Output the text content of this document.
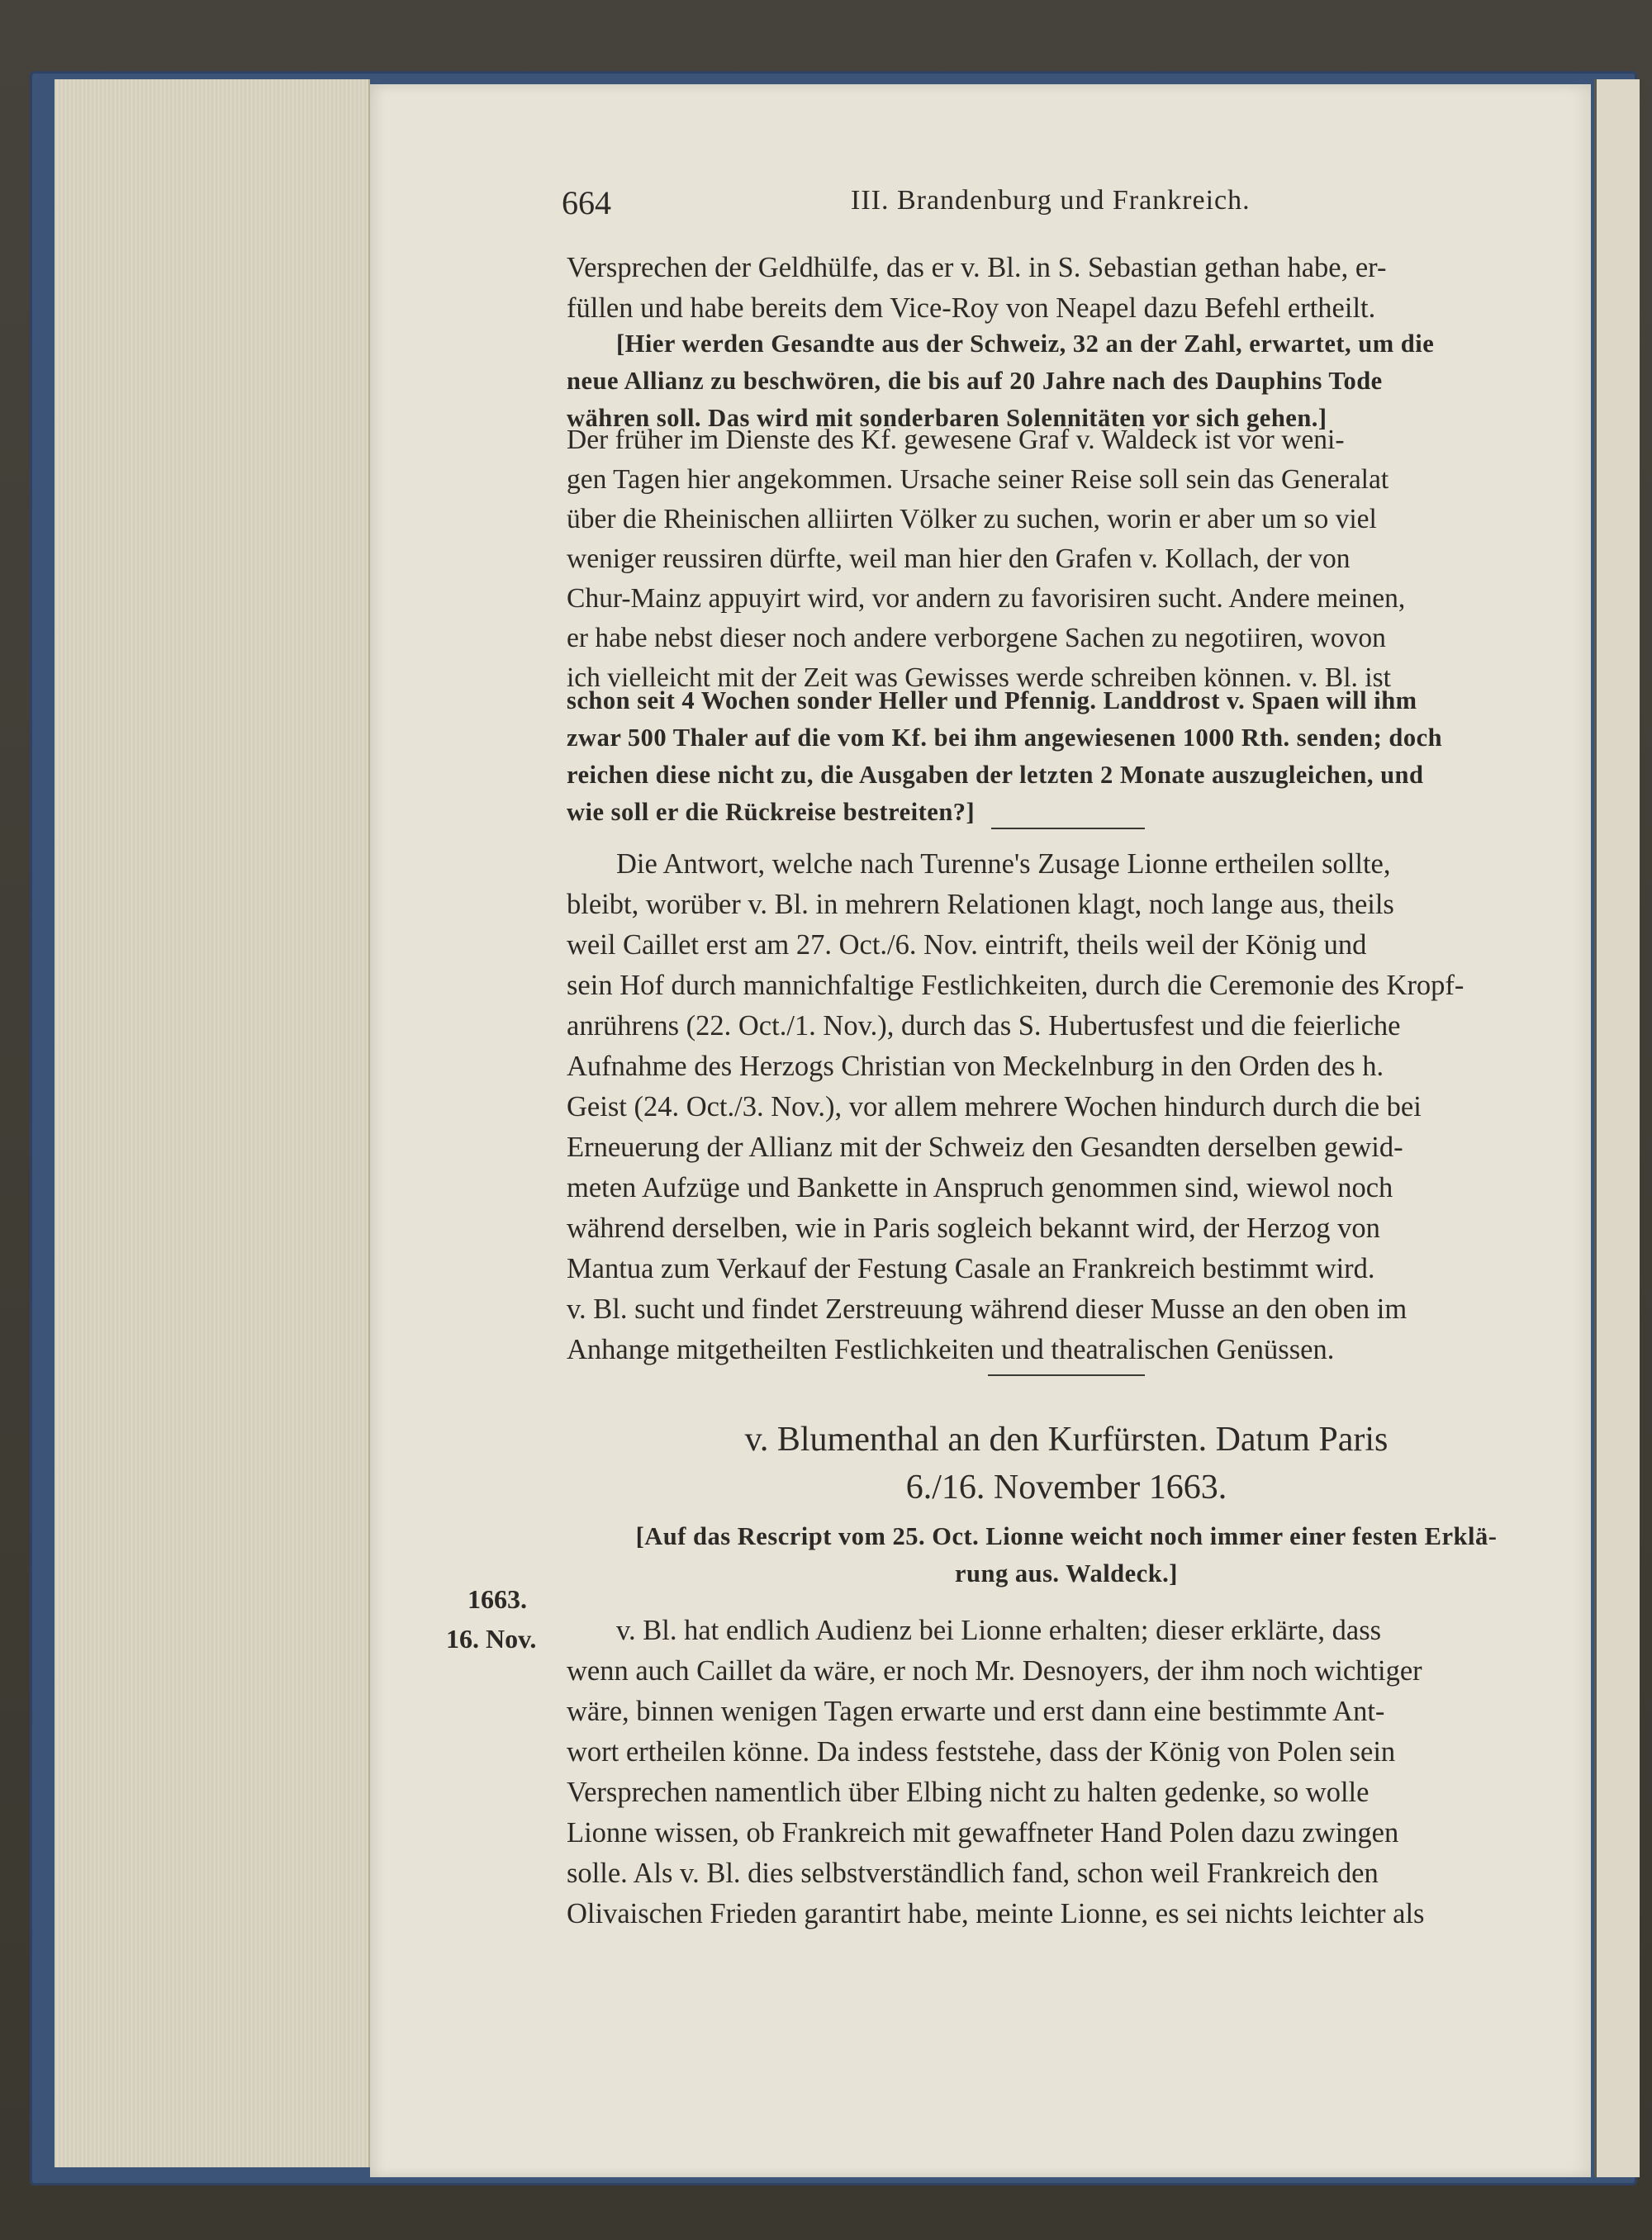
664	III. Brandenburg und Frankreich.
Versprechen der Geldhülfe, das er v. Bl. in S. Sebastian gethan habe, er-
füllen und habe bereits dem Vice-Roy von Neapel dazu Befehl ertheilt.
[Hier werden Gesandte aus der Schweiz, 32 an der Zahl, erwartet, um die
neue Allianz zu beschwören, die bis auf 20 Jahre nach des Dauphins Tode
währen soll. Das wird mit sonderbaren Solennitäten vor sich gehen.]
Der früher im Dienste des Kf. gewesene Graf v. Waldeck ist vor weni-
gen Tagen hier angekommen. Ursache seiner Reise soll sein das Generalat
über die Rheinischen alliirten Völker zu suchen, worin er aber um so viel
weniger reussiren dürfte, weil man hier den Grafen v. Kollach, der von
Chur-Mainz appuyirt wird, vor andern zu favorisiren sucht. Andere meinen,
er habe nebst dieser noch andere verborgene Sachen zu negotiiren, wovon
ich vielleicht mit der Zeit was Gewisses werde schreiben können. v. Bl. ist
schon seit 4 Wochen sonder Heller und Pfennig. Landdrost v. Spaen will ihm
zwar 500 Thaler auf die vom Kf. bei ihm angewiesenen 1000 Rth. senden; doch
reichen diese nicht zu, die Ausgaben der letzten 2 Monate auszugleichen, und
wie soll er die Rückreise bestreiten?]
Die Antwort, welche nach Turenne's Zusage Lionne ertheilen sollte,
bleibt, worüber v. Bl. in mehrern Relationen klagt, noch lange aus, theils
weil Caillet erst am 27. Oct./6. Nov. eintrift, theils weil der König und
sein Hof durch mannichfaltige Festlichkeiten, durch die Ceremonie des Kropf-
anrührens (22. Oct./1. Nov.), durch das S. Hubertusfest und die feierliche
Aufnahme des Herzogs Christian von Meckelnburg in den Orden des h.
Geist (24. Oct./3. Nov.), vor allem mehrere Wochen hindurch durch die bei
Erneuerung der Allianz mit der Schweiz den Gesandten derselben gewid-
meten Aufzüge und Bankette in Anspruch genommen sind, wiewol noch
während derselben, wie in Paris sogleich bekannt wird, der Herzog von
Mantua zum Verkauf der Festung Casale an Frankreich bestimmt wird.
v. Bl. sucht und findet Zerstreuung während dieser Musse an den oben im
Anhange mitgetheilten Festlichkeiten und theatralischen Genüssen.
v. Blumenthal an den Kurfürsten. Datum Paris
6./16. November 1663.
[Auf das Rescript vom 25. Oct. Lionne weicht noch immer einer festen Erklä-
rung aus. Waldeck.]
1663.
16. Nov.	v. Bl. hat endlich Audienz bei Lionne erhalten; dieser erklärte, dass
wenn auch Caillet da wäre, er noch Mr. Desnoyers, der ihm noch wichtiger
wäre, binnen wenigen Tagen erwarte und erst dann eine bestimmte Ant-
wort ertheilen könne. Da indess feststehe, dass der König von Polen sein
Versprechen namentlich über Elbing nicht zu halten gedenke, so wolle
Lionne wissen, ob Frankreich mit gewaffneter Hand Polen dazu zwingen
solle. Als v. Bl. dies selbstverständlich fand, schon weil Frankreich den
Olivaischen Frieden garantirt habe, meinte Lionne, es sei nichts leichter als
